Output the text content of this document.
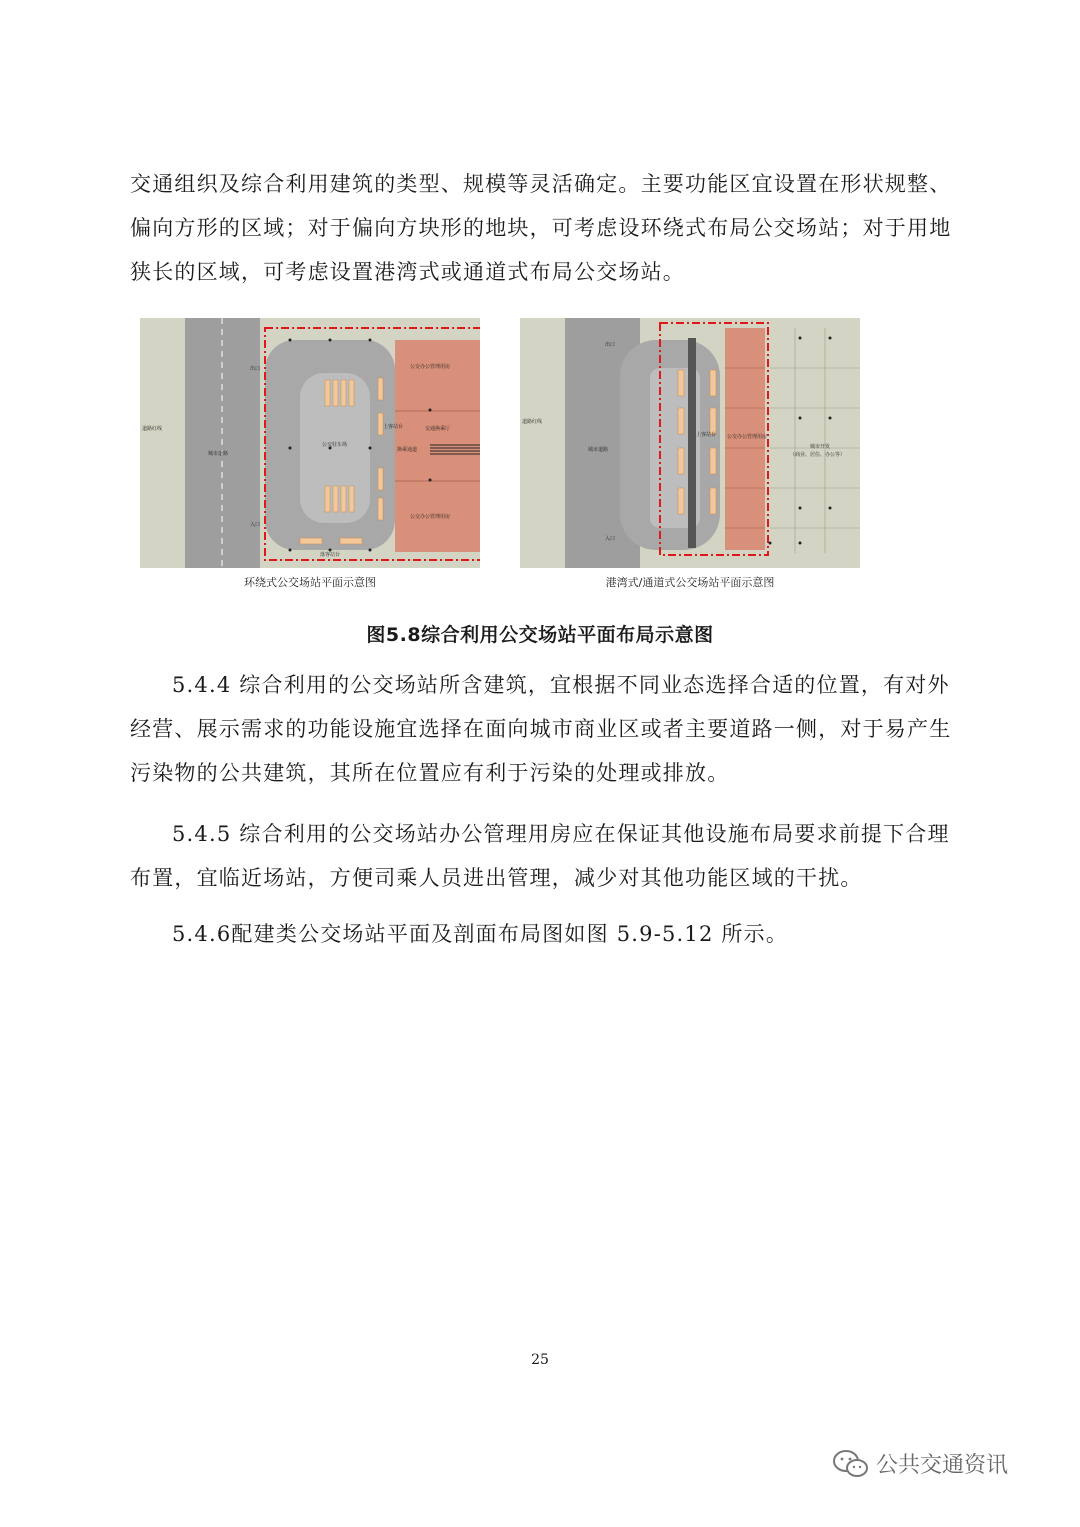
交通组织及综合利用建筑的类型、规模等灵活确定。主要功能区宜设置在形状规整、偏向方形的区域；对于偏向方块形的地块，可考虑设环绕式布局公交场站；对于用地狭长的区域，可考虑设置港湾式或通道式布局公交场站。

道路红线
城市道路
出口
入口
公交驻车场
上客站台
落客站台
换乘通道
公交办公管理用房
交通换乘厅
公交办公管理用房
环绕式公交场站平面示意图
道路红线
城市道路
出口
入口
上客站台 公交办公管理用房
城市开发
（商业、居住、办公等）
港湾式/通道式公交场站平面示意图
图5.8综合利用公交场站平面布局示意图

5.4.4 综合利用的公交场站所含建筑，宜根据不同业态选择合适的位置，有对外经营、展示需求的功能设施宜选择在面向城市商业区或者主要道路一侧，对于易产生污染物的公共建筑，其所在位置应有利于污染的处理或排放。

5.4.5 综合利用的公交场站办公管理用房应在保证其他设施布局要求前提下合理布置，宜临近场站，方便司乘人员进出管理，减少对其他功能区域的干扰。

5.4.6配建类公交场站平面及剖面布局图如图 5.9-5.12 所示。

25
公共交通资讯
